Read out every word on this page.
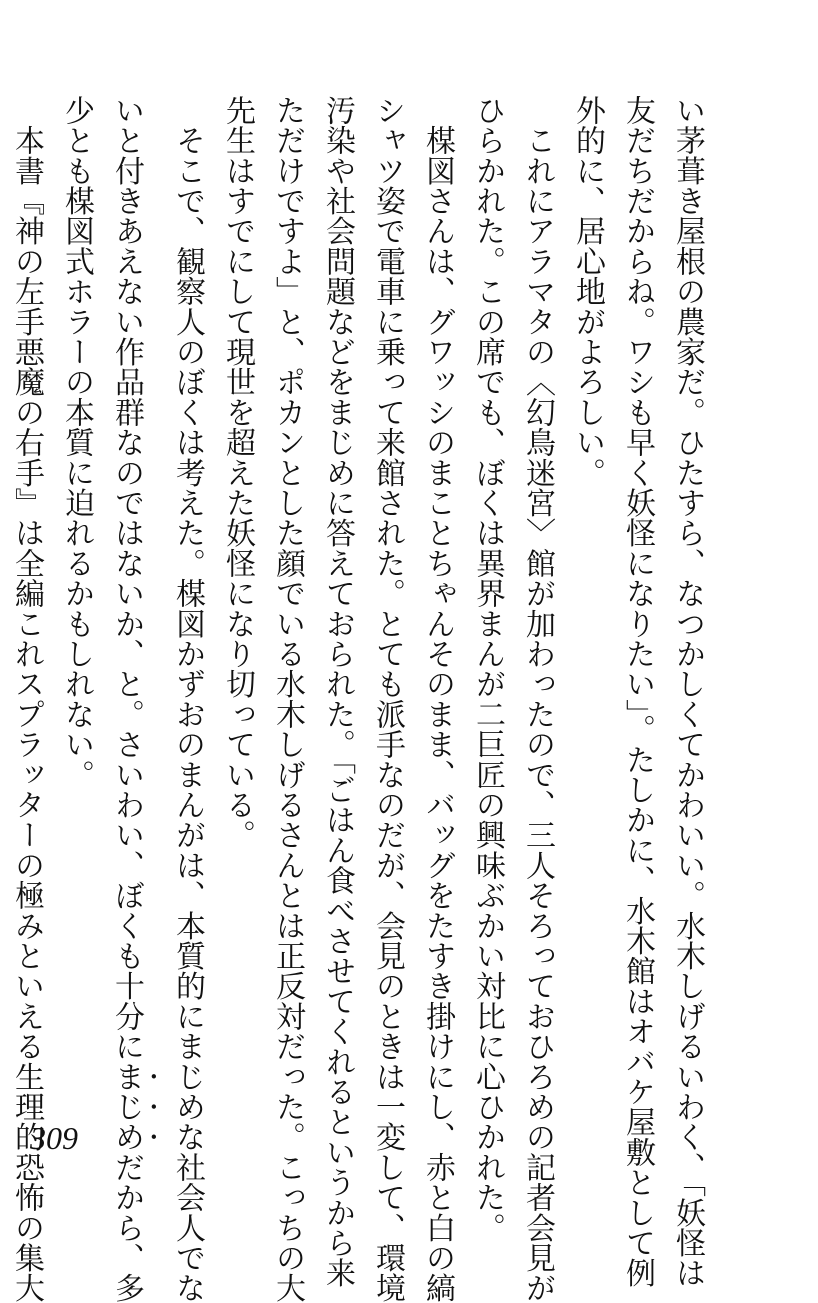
い茅葺き屋根の農家だ。ひたすら、なつかしくてかわいい。水木しげるいわく、「妖怪は
友だちだからね。ワシも早く妖怪になりたい」。たしかに、水木館はオバケ屋敷として例
外的に、居心地がよろしい。
　これにアラマタの〈幻鳥迷宮〉館が加わったので、三人そろっておひろめの記者会見が
ひらかれた。この席でも、ぼくは異界まんが二巨匠の興味ぶかい対比に心ひかれた。
　楳図さんは、グワッシのまことちゃんそのまま、バッグをたすき掛けにし、赤と白の縞
シャツ姿で電車に乗って来館された。とても派手なのだが、会見のときは一変して、環境
汚染や社会問題などをまじめに答えておられた。「ごはん食べさせてくれるというから来
ただけですよ」と、ポカンとした顔でいる水木しげるさんとは正反対だった。こっちの大
先生はすでにして現世を超えた妖怪になり切っている。
　そこで、観察人のぼくは考えた。楳図かずおのまんがは、本質的にまじめな社会人でな
いと付きあえない作品群なのではないか、と。さいわい、ぼくも十分にまじめだから、多
少とも楳図式ホラーの本質に迫れるかもしれない。
　本書『神の左手悪魔の右手』は全編これスプラッターの極みといえる生理的恐怖の集大
309
